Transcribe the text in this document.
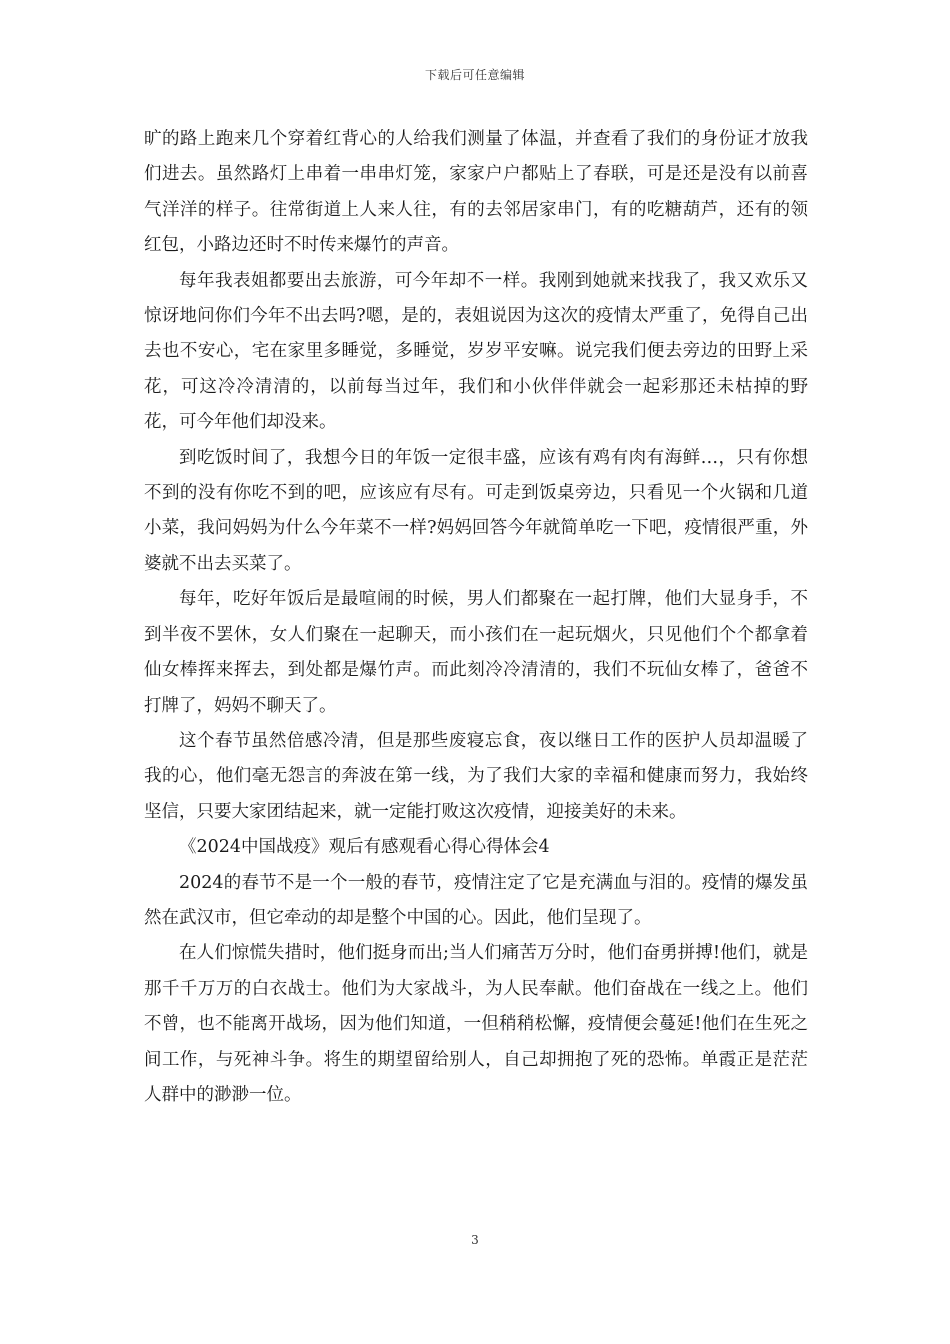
下载后可任意编辑

旷的路上跑来几个穿着红背心的人给我们测量了体温，并查看了我们的身份证才放我们进去。虽然路灯上串着一串串灯笼，家家户户都贴上了春联，可是还是没有以前喜气洋洋的样子。往常街道上人来人往，有的去邻居家串门，有的吃糖葫芦，还有的领红包，小路边还时不时传来爆竹的声音。

每年我表姐都要出去旅游，可今年却不一样。我刚到她就来找我了，我又欢乐又惊讶地问你们今年不出去吗?嗯，是的，表姐说因为这次的疫情太严重了，免得自己出去也不安心，宅在家里多睡觉，多睡觉，岁岁平安嘛。说完我们便去旁边的田野上采花，可这冷冷清清的，以前每当过年，我们和小伙伴伴就会一起彩那还未枯掉的野花，可今年他们却没来。

到吃饭时间了，我想今日的年饭一定很丰盛，应该有鸡有肉有海鲜…，只有你想不到的没有你吃不到的吧，应该应有尽有。可走到饭桌旁边，只看见一个火锅和几道小菜，我问妈妈为什么今年菜不一样?妈妈回答今年就简单吃一下吧，疫情很严重，外婆就不出去买菜了。

每年，吃好年饭后是最喧闹的时候，男人们都聚在一起打牌，他们大显身手，不到半夜不罢休，女人们聚在一起聊天，而小孩们在一起玩烟火，只见他们个个都拿着仙女棒挥来挥去，到处都是爆竹声。而此刻冷冷清清的，我们不玩仙女棒了，爸爸不打牌了，妈妈不聊天了。

这个春节虽然倍感冷清，但是那些废寝忘食，夜以继日工作的医护人员却温暖了我的心，他们毫无怨言的奔波在第一线，为了我们大家的幸福和健康而努力，我始终坚信，只要大家团结起来，就一定能打败这次疫情，迎接美好的未来。

《2024中国战疫》观后有感观看心得心得体会4

2024的春节不是一个一般的春节，疫情注定了它是充满血与泪的。疫情的爆发虽然在武汉市，但它牵动的却是整个中国的心。因此，他们呈现了。

在人们惊慌失措时，他们挺身而出;当人们痛苦万分时，他们奋勇拼搏!他们，就是那千千万万的白衣战士。他们为大家战斗，为人民奉献。他们奋战在一线之上。他们不曾，也不能离开战场，因为他们知道，一但稍稍松懈，疫情便会蔓延!他们在生死之间工作，与死神斗争。将生的期望留给别人，自己却拥抱了死的恐怖。单霞正是茫茫人群中的渺渺一位。

3
